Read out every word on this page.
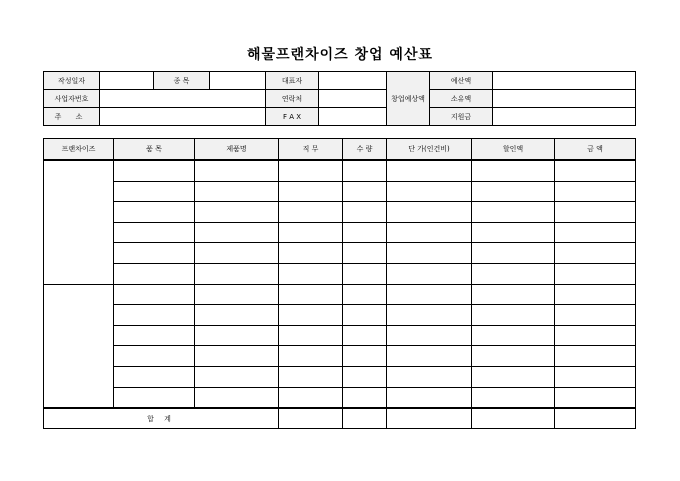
해물프랜차이즈 창업 예산표
작성일자		종 목		대표자		창업예상액	예산액	
사업자번호				연락처			소유액	
주 소				F A X			지원금	
프랜차이즈	품 목	제품명	직 무	수 량	단 가(인건비)	할인액	금 액

합 계							
